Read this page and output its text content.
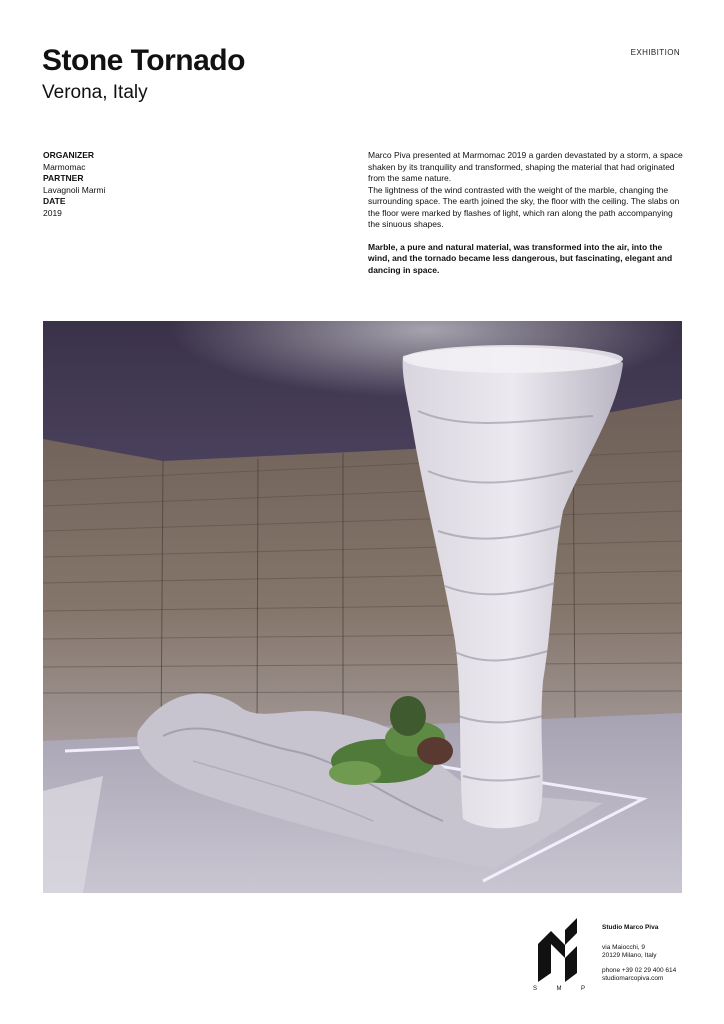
Stone Tornado
Verona, Italy
EXHIBITION
ORGANIZER
Marmomac
PARTNER
Lavagnoli Marmi
DATE
2019

Marco Piva presented at Marmomac 2019 a garden devastated by a storm, a space shaken by its tranquility and transformed, shaping the material that had originated from the same nature.

The lightness of the wind contrasted with the weight of the marble, changing the surrounding space. The earth joined the sky, the floor with the ceiling. The slabs on the floor were marked by flashes of light, which ran along the path accompanying the sinuous shapes.

Marble, a pure and natural material, was transformed into the air, into the wind, and the tornado became less dangerous, but fascinating, elegant and dancing in space.

S	M	P
Studio Marco Piva
via Maiocchi, 9
20129 Milano, Italy
phone +39 02 29 400 614
studiomarcopiva.com
